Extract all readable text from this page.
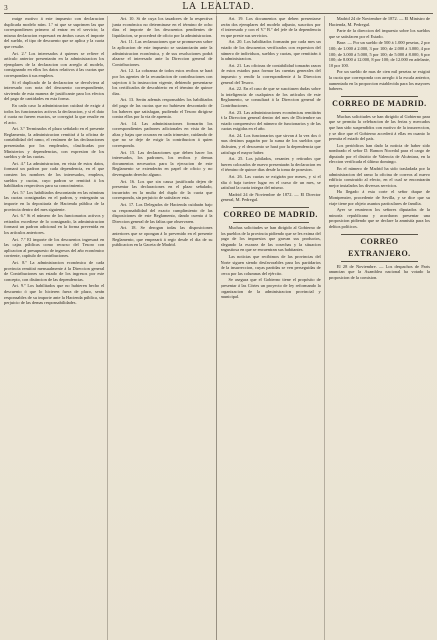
3	LA LEALTAD.

rraige motivo á este impuesto con declaracion duplicada modelo núm. 1.º ni que se suprimen las que correspondiesen primero al entrar en el servicio; la misma declaracion expresará en ámbos casos el importe del sueldo, el tipo de descuento que se aplica y la cuota que resulte.

Art. 2.º Los interesados á quienes se refiere el artículo anterior presentarán en la administracion los ejemplares de la declaracion con arreglo al modelo, consignando en ellos los datos relativos á las cuotas que correspondan á sus empleos.

Si el duplicado de la declaracion se devolviera al interesado con nota del descuento correspondiente, sirviendo de esta manera de justificante para los efectos del pago de cantidades en esta forma.

En cada caso la administracion cuidará de exigir á todos los funcionarios activos la declaracion, y si el dato ó cuota no fueren exactos, se corregirá la que resulte en el acto.

Art. 3.º Terminados el plazo señalado en el presente Reglamento, la administracion remitirá á la oficina de contabilidad del ramo, el resúmen de las declaraciones presentadas por los empleados, clasificadas por Ministerios y dependencias, con expresion de los sueldos y de las cuotas.

Art. 4.º La administracion, en vista de estos datos, formará un padron por cada dependencia, en el que consten los nombres de los interesados, empleos, sueldos y cuotas, cuyo padron se remitirá á los habilitados respectivos para su conocimiento.

Art. 5.º Los habilitados descontarán en las nóminas las cuotas consignadas en el padron, y entregarán su importe en la depositaría de Hacienda pública de la provincia dentro del mes siguiente.

Art. 6.º Si el número de los funcionarios activos y retirados excediese de lo consignado, la administracion formará un padron adicional en la forma prevenida en los artículos anteriores.

Art. 7.º El importe de los descuentos ingresará en las cajas públicas como recurso del Tesoro con aplicacion al presupuesto de ingresos del año económico corriente, capítulo de contribuciones.

Art. 8.º La administracion económica de cada provincia remitirá mensualmente á la Direccion general de Contribuciones un estado de los ingresos por este concepto, con distincion de las dependencias.

Art. 9.º Los habilitados que no hubieren hecho el descuento ó que lo hicieren fuera de plazo, serán responsables de su importe ante la Hacienda pública, sin perjuicio de las demas responsabilidades.

Art. 10. Si de cuya los tasadores de la respectiva junta económica no determinase en el término de ocho dias el importe de los descuentos pendientes de liquidacion, se procederá de oficio por la administracion.

Art. 11. Las reclamaciones que se promuevan sobre la aplicacion de este impuesto se sustanciarán ante la administracion económica, y de sus resoluciones podrá alzarse el interesado ante la Direccion general de Contribuciones.

Art. 12. La cobranza de todos estos recibos se hará por los agentes de la recaudacion de contribuciones con sujecion á la instruccion vigente, debiendo presentarse los certificados de descubierto en el término de quince dias.

Art. 13. Serán además responsables los habilitados del pago de las cuotas que no hubiesen descontado de los haberes que satisfagan, pudiendo el Tesoro dirigirse contra ellos por la via de apremio.

Art. 14. Las administraciones formarán los correspondientes padrones adicionales en vista de las altas y bajas que ocurran en cada trimestre, cuidando de que no se deje de exigir la contribucion á quien corresponda.

Art. 15. Las declaraciones que deben hacer los interesados, los padrones, los recibos y demas documentos necesarios para la ejecucion de este Reglamento se extenderán en papel de oficio y no devengarán derecho alguno.

Art. 16. Los que sin causa justificada dejen de presentar las declaraciones en el plazo señalado, incurrirán en la multa del duplo de la cuota que corresponda, sin perjuicio de satisfacer esta.

Art. 17. Los Delegados de Hacienda cuidarán bajo su responsabilidad del exacto cumplimiento de las disposiciones de este Reglamento, dando cuenta á la Direccion general de las faltas que observaren.

Art. 18. Se derogan todas las disposiciones anteriores que se opongan á lo prevenido en el presente Reglamento, que empezará á regir desde el dia de su publicacion en la Gaceta de Madrid.

Art. 19. Los documentos que deben presentarse serán dos ejemplares del modelo adjunto, suscritos por el interesado y con el V.º B.º del jefe de la dependencia en que preste sus servicios.

Art. 20. Los habilitados formarán por cada mes un estado de los descuentos verificados con expresion del número de individuos, sueldos y cuotas, que remitirán á la administracion.

Art. 21. Las oficinas de contabilidad tomarán razon de estos estados para formar las cuentas generales del impuesto y rendir la correspondiente á la Direccion general del Tesoro.

Art. 22. En el caso de que se suscitasen dudas sobre la inteligencia de cualquiera de los artículos de este Reglamento, se consultará á la Direccion general de Contribuciones.

Art. 23. Las administraciones económicas remitirán á la Direccion general dentro del mes de Diciembre un estado comprensivo del número de funcionarios y de las cuotas exigidas en el año.

Art. 24. Los funcionarios que sirvan á la vez dos ó mas destinos pagarán por la suma de los sueldos que disfruten, y el descuento se hará por la dependencia que satisfaga el mayor haber.

Art. 25. Los jubilados, cesantes y retirados que fueren colocados de nuevo presentarán la declaracion en el término de quince dias desde la toma de posesion.

Art. 26. Las cuotas se exigirán por meses, y si el alta ó baja tuviere lugar en el curso de un mes, se satisfará la cuota integra del mismo.

Madrid 24 de Noviembre de 1872. — El Director general, M. Pedregal.

CORREO DE MADRID.

Muchas solicitudes se han dirigido al Gobierno de los pueblos de la provincia pidiendo que se les exima del pago de los impuestos que gravan sus productos, alegando la escasez de las cosechas y la situacion angustiosa en que se encuentran sus habitantes.

Las noticias que recibimos de las provincias del Norte siguen siendo desfavorables para los partidarios de la insurreccion, cuyas partidas se ven perseguidas de cerca por las columnas del ejército.

Se asegura que el Gobierno tiene el propósito de presentar á las Córtes un proyecto de ley reformando la organizacion de la administracion provincial y municipal.

Madrid 24 de Noviembre de 1872. — El Ministro de Hacienda, M. Pedregal.

Parte de la direccion del impuesto sobre los sueldos que se satisfacen por el Estado.

Base. — Por un sueldo de 500 á 1.000 pesetas, 2 por 100; de 1.000 á 2.000, 3 por 100; de 2.000 á 3.000, 4 por 100; de 3.000 á 5.000, 5 por 100; de 5.000 á 8.000, 6 por 100; de 8.000 á 12.000, 8 por 100; de 12.000 en adelante, 10 por 100.

Por un sueldo de mas de cien mil pesetas se exigirá la cuota que corresponda con arreglo á la escala anterior, aumentada en la proporcion establecida para los mayores haberes.

CORREO DE MADRID.

Muchas solicitudes se han dirigido al Gobierno para que se permita la celebracion de las ferias y mercados que han sido suspendidos con motivo de la insurreccion, y se dice que el Gobierno accederá á ellas en cuanto lo permita el estado del país.

Los periódicos han dado la noticia de haber sido nombrado el señor D. Ramon Nocedal para el cargo de diputado por el distrito de Valencia de Alcántara, en la eleccion verificada el último domingo.

En el número de Madrid ha sido trasladada por la administracion del ramo la oficina de correos al nuevo edificio construido al efecto, en el cual se encontrarán mejor instalados los diversos servicios.

Ha llegado á esta corte el señor duque de Montpensier, procedente de Sevilla, y se dice que su viaje tiene por objeto asuntos particulares de familia.

Ayer se reunieron los señores diputados de la minoría republicana y acordaron presentar una proposicion pidiendo que se declare la amnistía para los delitos políticos.

CORREO EXTRANJERO.

El 28 de Noviembre. — Los despachos de Paris anuncian que la Asamblea nacional ha votado la proposicion de la comision.
